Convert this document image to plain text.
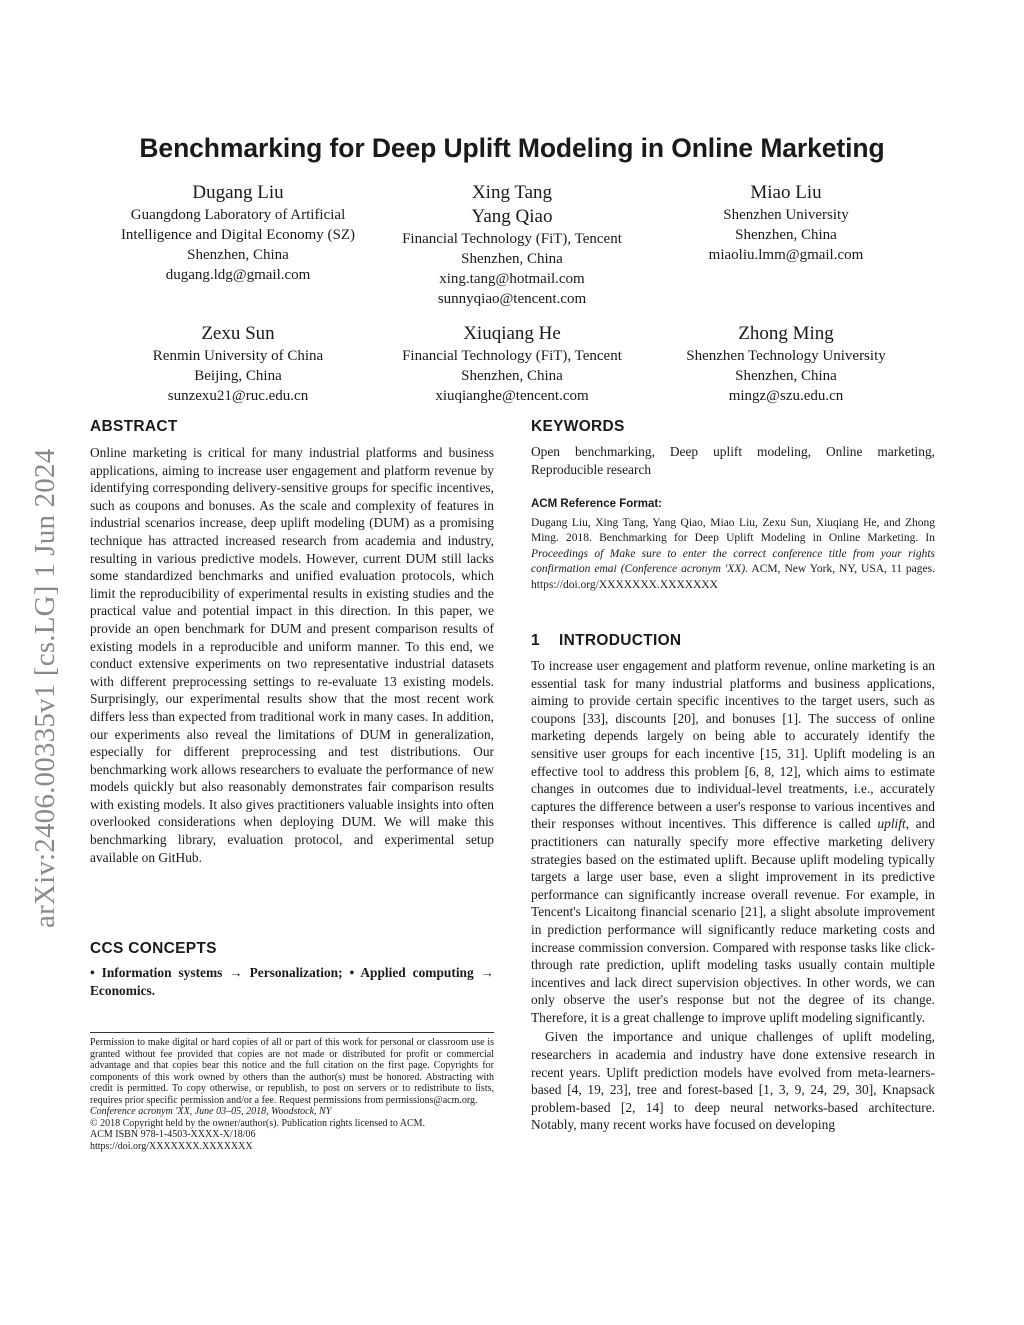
arXiv:2406.00335v1 [cs.LG] 1 Jun 2024
Benchmarking for Deep Uplift Modeling in Online Marketing
Dugang Liu
Guangdong Laboratory of Artificial
Intelligence and Digital Economy (SZ)
Shenzhen, China
dugang.ldg@gmail.com
Xing Tang
Yang Qiao
Financial Technology (FiT), Tencent
Shenzhen, China
xing.tang@hotmail.com
sunnyqiao@tencent.com
Miao Liu
Shenzhen University
Shenzhen, China
miaoliu.lmm@gmail.com
Zexu Sun
Renmin University of China
Beijing, China
sunzexu21@ruc.edu.cn
Xiuqiang He
Financial Technology (FiT), Tencent
Shenzhen, China
xiuqianghe@tencent.com
Zhong Ming
Shenzhen Technology University
Shenzhen, China
mingz@szu.edu.cn
ABSTRACT

Online marketing is critical for many industrial platforms and business applications, aiming to increase user engagement and platform revenue by identifying corresponding delivery-sensitive groups for specific incentives, such as coupons and bonuses. As the scale and complexity of features in industrial scenarios increase, deep uplift modeling (DUM) as a promising technique has attracted increased research from academia and industry, resulting in various predictive models. However, current DUM still lacks some standardized benchmarks and unified evaluation protocols, which limit the reproducibility of experimental results in existing studies and the practical value and potential impact in this direction. In this paper, we provide an open benchmark for DUM and present comparison results of existing models in a reproducible and uniform manner. To this end, we conduct extensive experiments on two representative industrial datasets with different preprocessing settings to re-evaluate 13 existing models. Surprisingly, our experimental results show that the most recent work differs less than expected from traditional work in many cases. In addition, our experiments also reveal the limitations of DUM in generalization, especially for different preprocessing and test distributions. Our benchmarking work allows researchers to evaluate the performance of new models quickly but also reasonably demonstrates fair comparison results with existing models. It also gives practitioners valuable insights into often overlooked considerations when deploying DUM. We will make this benchmarking library, evaluation protocol, and experimental setup available on GitHub.

CCS CONCEPTS
• Information systems → Personalization; • Applied computing → Economics.
Permission to make digital or hard copies of all or part of this work for personal or classroom use is granted without fee provided that copies are not made or distributed for profit or commercial advantage and that copies bear this notice and the full citation on the first page. Copyrights for components of this work owned by others than the author(s) must be honored. Abstracting with credit is permitted. To copy otherwise, or republish, to post on servers or to redistribute to lists, requires prior specific permission and/or a fee. Request permissions from permissions@acm.org.
Conference acronym 'XX, June 03–05, 2018, Woodstock, NY
© 2018 Copyright held by the owner/author(s). Publication rights licensed to ACM.
ACM ISBN 978-1-4503-XXXX-X/18/06
https://doi.org/XXXXXXX.XXXXXXX
KEYWORDS

Open benchmarking, Deep uplift modeling, Online marketing, Reproducible research

ACM Reference Format:

Dugang Liu, Xing Tang, Yang Qiao, Miao Liu, Zexu Sun, Xiuqiang He, and Zhong Ming. 2018. Benchmarking for Deep Uplift Modeling in Online Marketing. In Proceedings of Make sure to enter the correct conference title from your rights confirmation emai (Conference acronym 'XX). ACM, New York, NY, USA, 11 pages. https://doi.org/XXXXXXX.XXXXXXX

1 INTRODUCTION

To increase user engagement and platform revenue, online marketing is an essential task for many industrial platforms and business applications, aiming to provide certain specific incentives to the target users, such as coupons [33], discounts [20], and bonuses [1]. The success of online marketing depends largely on being able to accurately identify the sensitive user groups for each incentive [15, 31]. Uplift modeling is an effective tool to address this problem [6, 8, 12], which aims to estimate changes in outcomes due to individual-level treatments, i.e., accurately captures the difference between a user's response to various incentives and their responses without incentives. This difference is called uplift, and practitioners can naturally specify more effective marketing delivery strategies based on the estimated uplift. Because uplift modeling typically targets a large user base, even a slight improvement in its predictive performance can significantly increase overall revenue. For example, in Tencent's Licaitong financial scenario [21], a slight absolute improvement in prediction performance will significantly reduce marketing costs and increase commission conversion. Compared with response tasks like click-through rate prediction, uplift modeling tasks usually contain multiple incentives and lack direct supervision objectives. In other words, we can only observe the user's response but not the degree of its change. Therefore, it is a great challenge to improve uplift modeling significantly.

Given the importance and unique challenges of uplift modeling, researchers in academia and industry have done extensive research in recent years. Uplift prediction models have evolved from meta-learners-based [4, 19, 23], tree and forest-based [1, 3, 9, 24, 29, 30], Knapsack problem-based [2, 14] to deep neural networks-based architecture. Notably, many recent works have focused on developing
